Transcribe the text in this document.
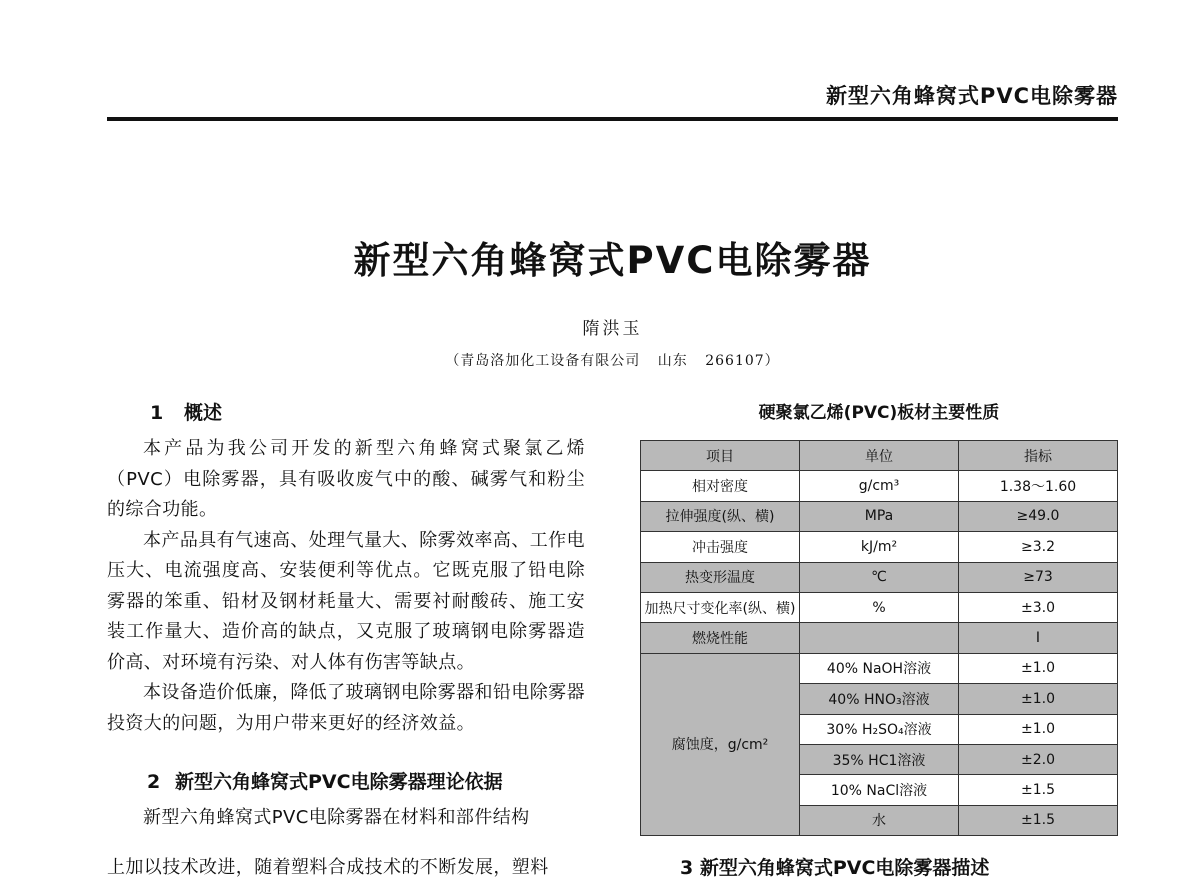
新型六角蜂窝式PVC电除雾器
新型六角蜂窝式PVC电除雾器
隋洪玉
（青岛洛加化工设备有限公司 山东 266107）
1 概述

本产品为我公司开发的新型六角蜂窝式聚氯乙烯（PVC）电除雾器，具有吸收废气中的酸、碱雾气和粉尘的综合功能。

本产品具有气速高、处理气量大、除雾效率高、工作电压大、电流强度高、安装便利等优点。它既克服了铅电除雾器的笨重、铅材及钢材耗量大、需要衬耐酸砖、施工安装工作量大、造价高的缺点，又克服了玻璃钢电除雾器造价高、对环境有污染、对人体有伤害等缺点。

本设备造价低廉，降低了玻璃钢电除雾器和铅电除雾器投资大的问题，为用户带来更好的经济效益。

2 新型六角蜂窝式PVC电除雾器理论依据

新型六角蜂窝式PVC电除雾器在材料和部件结构

上加以技术改进，随着塑料合成技术的不断发展，塑料
硬聚氯乙烯(PVC)板材主要性质
项目	单位	指标
相对密度	g/cm³	1.38～1.60
拉伸强度(纵、横)	MPa	≥49.0
冲击强度	kJ/m²	≥3.2
热变形温度	℃	≥73
加热尺寸变化率(纵、横)	%	±3.0
燃烧性能		Ⅰ
腐蚀度，g/cm²	40% NaOH溶液	±1.0
	40% HNO₃溶液	±1.0
	30% H₂SO₄溶液	±1.0
	35% HC1溶液	±2.0
	10% NaCl溶液	±1.5
	水	±1.5
3 新型六角蜂窝式PVC电除雾器描述
